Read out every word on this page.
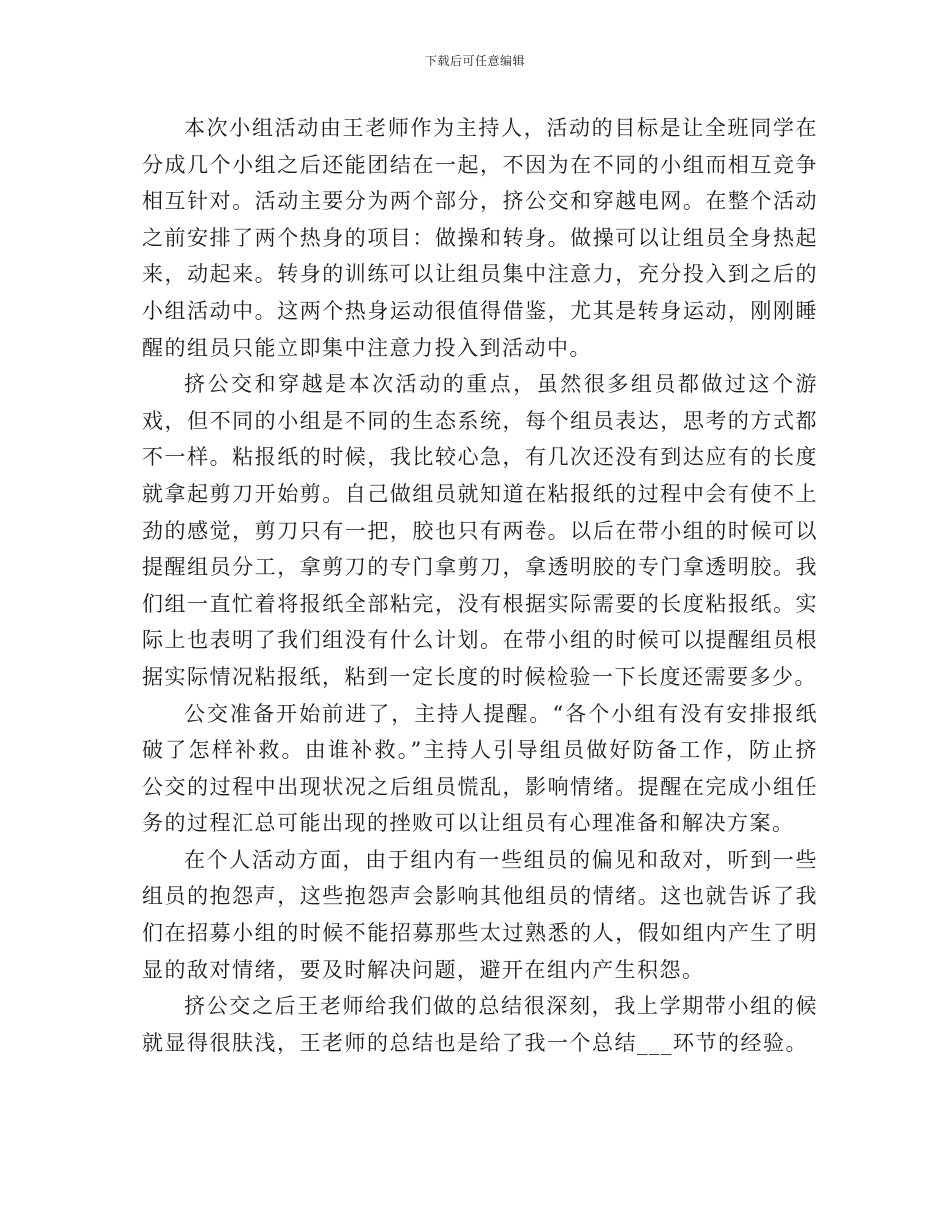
下载后可任意编辑

本次小组活动由王老师作为主持人，活动的目标是让全班同学在分成几个小组之后还能团结在一起，不因为在不同的小组而相互竞争相互针对。活动主要分为两个部分，挤公交和穿越电网。在整个活动之前安排了两个热身的项目：做操和转身。做操可以让组员全身热起来，动起来。转身的训练可以让组员集中注意力，充分投入到之后的小组活动中。这两个热身运动很值得借鉴，尤其是转身运动，刚刚睡醒的组员只能立即集中注意力投入到活动中。

挤公交和穿越是本次活动的重点，虽然很多组员都做过这个游戏，但不同的小组是不同的生态系统，每个组员表达，思考的方式都不一样。粘报纸的时候，我比较心急，有几次还没有到达应有的长度就拿起剪刀开始剪。自己做组员就知道在粘报纸的过程中会有使不上劲的感觉，剪刀只有一把，胶也只有两卷。以后在带小组的时候可以提醒组员分工，拿剪刀的专门拿剪刀，拿透明胶的专门拿透明胶。我们组一直忙着将报纸全部粘完，没有根据实际需要的长度粘报纸。实际上也表明了我们组没有什么计划。在带小组的时候可以提醒组员根据实际情况粘报纸，粘到一定长度的时候检验一下长度还需要多少。

公交准备开始前进了，主持人提醒。“各个小组有没有安排报纸破了怎样补救。由谁补救。”主持人引导组员做好防备工作，防止挤公交的过程中出现状况之后组员慌乱，影响情绪。提醒在完成小组任务的过程汇总可能出现的挫败可以让组员有心理准备和解决方案。

在个人活动方面，由于组内有一些组员的偏见和敌对，听到一些组员的抱怨声，这些抱怨声会影响其他组员的情绪。这也就告诉了我们在招募小组的时候不能招募那些太过熟悉的人，假如组内产生了明显的敌对情绪，要及时解决问题，避开在组内产生积怨。

挤公交之后王老师给我们做的总结很深刻，我上学期带小组的候就显得很肤浅，王老师的总结也是给了我一个总结___环节的经验。
